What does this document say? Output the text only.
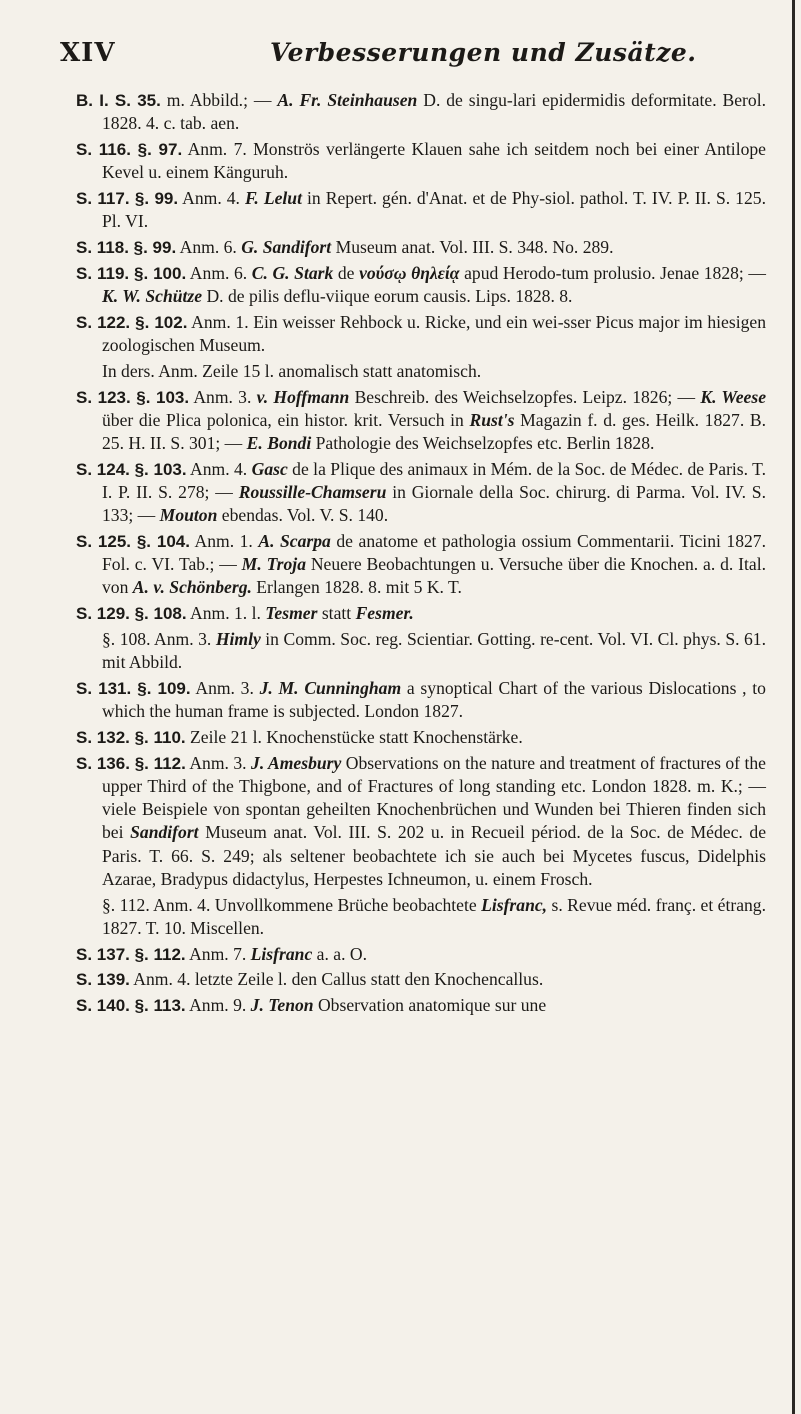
XIV	Verbesserungen und Zusätze.

B. I. S. 35. m. Abbild.; — A. Fr. Steinhausen D. de singu-lari epidermidis deformitate. Berol. 1828. 4. c. tab. aen.

S. 116. §. 97. Anm. 7. Monströs verlängerte Klauen sahe ich seitdem noch bei einer Antilope Kevel u. einem Känguruh.

S. 117. §. 99. Anm. 4. F. Lelut in Repert. gén. d'Anat. et de Phy-siol. pathol. T. IV. P. II. S. 125. Pl. VI.

S. 118. §. 99. Anm. 6. G. Sandifort Museum anat. Vol. III. S. 348. No. 289.

S. 119. §. 100. Anm. 6. C. G. Stark de νούσῳ θηλείᾳ apud Herodo-tum prolusio. Jenae 1828; — K. W. Schütze D. de pilis deflu-viique eorum causis. Lips. 1828. 8.

S. 122. §. 102. Anm. 1. Ein weisser Rehbock u. Ricke, und ein wei-sser Picus major im hiesigen zoologischen Museum.

In ders. Anm. Zeile 15 l. anomalisch statt anatomisch.

S. 123. §. 103. Anm. 3. v. Hoffmann Beschreib. des Weichselzopfes. Leipz. 1826; — K. Weese über die Plica polonica, ein histor. krit. Versuch in Rust's Magazin f. d. ges. Heilk. 1827. B. 25. H. II. S. 301; — E. Bondi Pathologie des Weichselzopfes etc. Berlin 1828.

S. 124. §. 103. Anm. 4. Gasc de la Plique des animaux in Mém. de la Soc. de Médec. de Paris. T. I. P. II. S. 278; — Roussille-Chamseru in Giornale della Soc. chirurg. di Parma. Vol. IV. S. 133; — Mouton ebendas. Vol. V. S. 140.

S. 125. §. 104. Anm. 1. A. Scarpa de anatome et pathologia ossium Commentarii. Ticini 1827. Fol. c. VI. Tab.; — M. Troja Neuere Beobachtungen u. Versuche über die Knochen. a. d. Ital. von A. v. Schönberg. Erlangen 1828. 8. mit 5 K. T.

S. 129. §. 108. Anm. 1. l. Tesmer statt Fesmer.

§. 108. Anm. 3. Himly in Comm. Soc. reg. Scientiar. Gotting. re-cent. Vol. VI. Cl. phys. S. 61. mit Abbild.

S. 131. §. 109. Anm. 3. J. M. Cunningham a synoptical Chart of the various Dislocations , to which the human frame is subjected. London 1827.

S. 132. §. 110. Zeile 21 l. Knochenstücke statt Knochenstärke.

S. 136. §. 112. Anm. 3. J. Amesbury Observations on the nature and treatment of fractures of the upper Third of the Thigbone, and of Fractures of long standing etc. London 1828. m. K.; — viele Beispiele von spontan geheilten Knochenbrüchen und Wunden bei Thieren finden sich bei Sandifort Museum anat. Vol. III. S. 202 u. in Recueil périod. de la Soc. de Médec. de Paris. T. 66. S. 249; als seltener beobachtete ich sie auch bei Mycetes fuscus, Didelphis Azarae, Bradypus didactylus, Herpestes Ichneumon, u. einem Frosch.

§. 112. Anm. 4. Unvollkommene Brüche beobachtete Lisfranc, s. Revue méd. franç. et étrang. 1827. T. 10. Miscellen.

S. 137. §. 112. Anm. 7. Lisfranc a. a. O.

S. 139. Anm. 4. letzte Zeile l. den Callus statt den Knochencallus.

S. 140. §. 113. Anm. 9. J. Tenon Observation anatomique sur une
